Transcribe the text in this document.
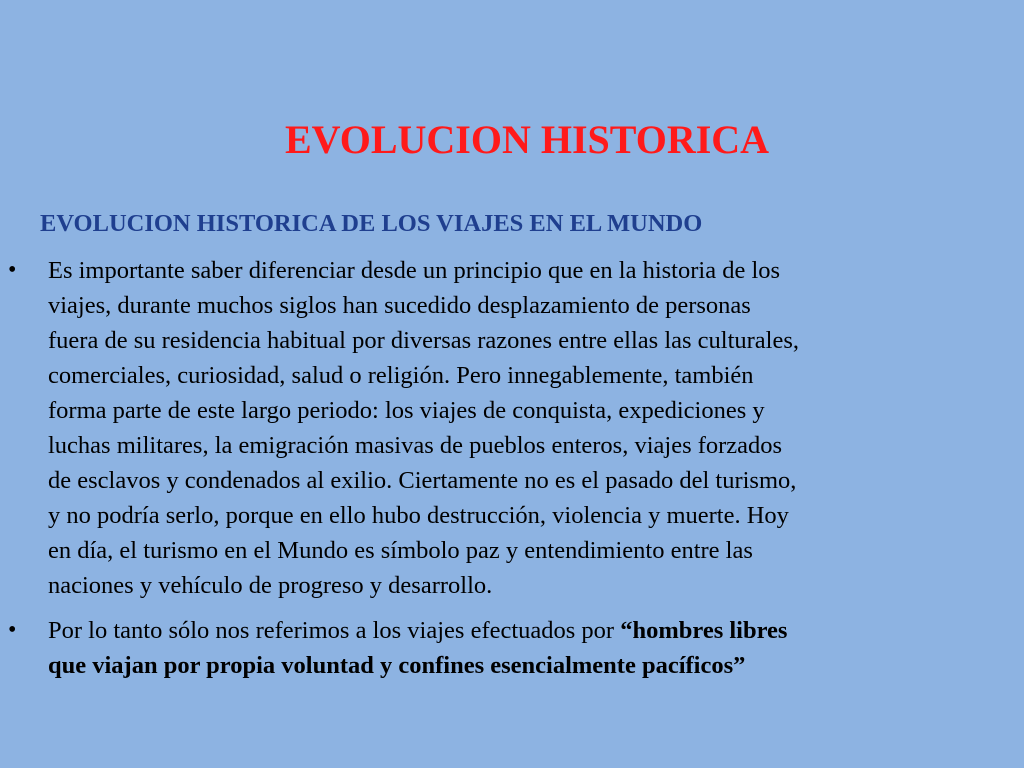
EVOLUCION HISTORICA
EVOLUCION HISTORICA DE LOS VIAJES EN EL MUNDO
• Es importante saber diferenciar desde un principio que en la historia de los
viajes, durante muchos siglos han sucedido desplazamiento de personas
fuera de su residencia habitual por diversas razones entre ellas las culturales,
comerciales, curiosidad, salud o religión. Pero innegablemente, también
forma parte de este largo periodo: los viajes de conquista, expediciones y
luchas militares, la emigración masivas de pueblos enteros, viajes forzados
de esclavos y condenados al exilio. Ciertamente no es el pasado del turismo,
y no podría serlo, porque en ello hubo destrucción, violencia y muerte. Hoy
en día, el turismo en el Mundo es símbolo paz y entendimiento entre las
naciones y vehículo de progreso y desarrollo.
• Por lo tanto sólo nos referimos a los viajes efectuados por “hombres libres
que viajan por propia voluntad y confines esencialmente pacíficos”
